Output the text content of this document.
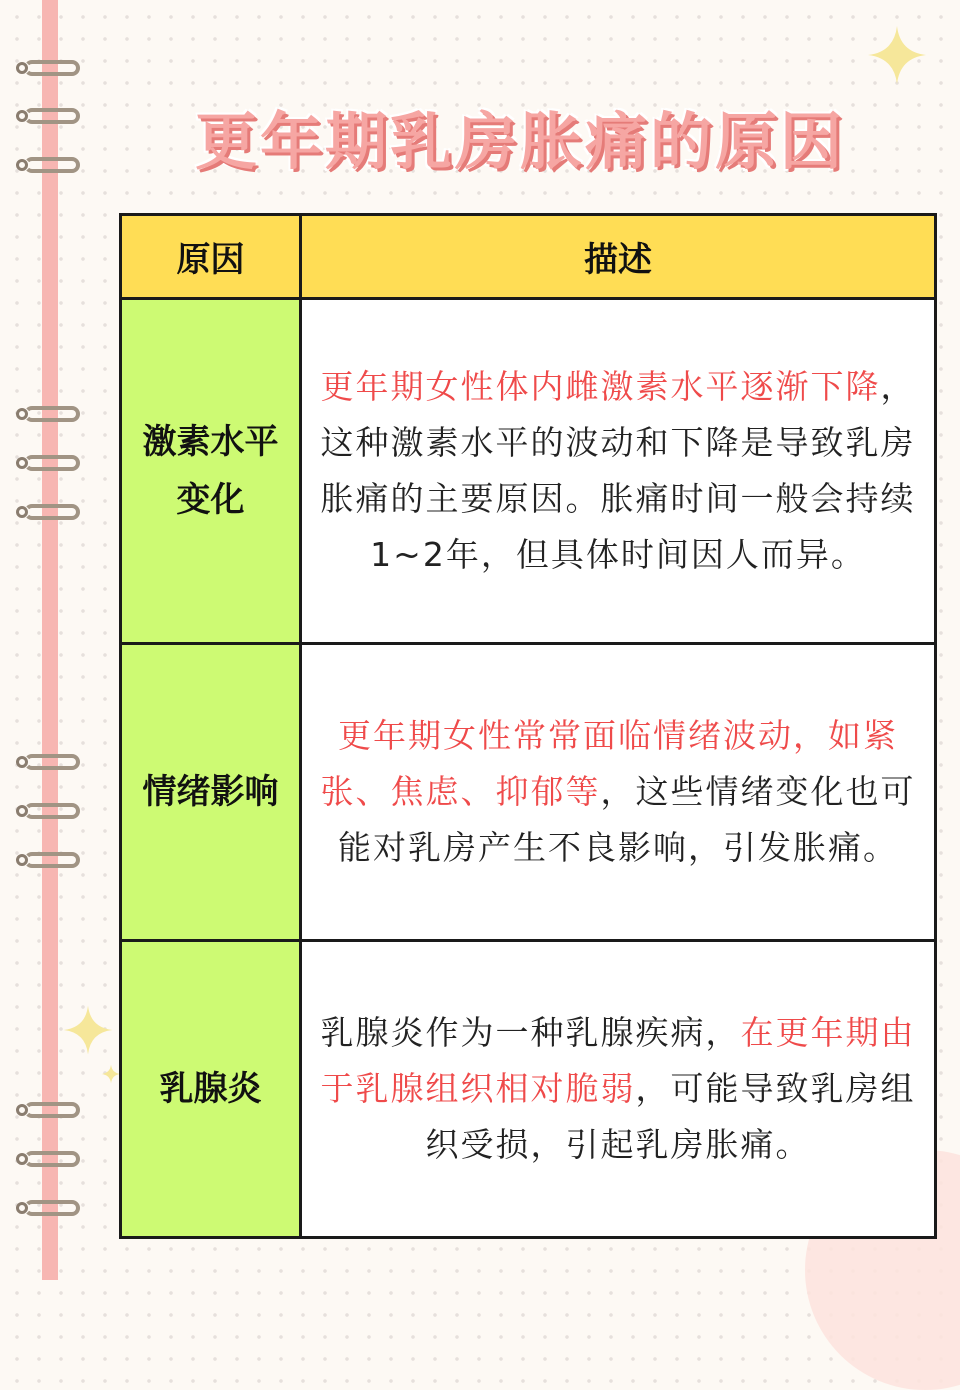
更年期乳房胀痛的原因
原因	描述
激素水平
变化	更年期女性体内雌激素水平逐渐下降，这种激素水平的波动和下降是导致乳房胀痛的主要原因。胀痛时间一般会持续1~2年，但具体时间因人而异。
情绪影响	更年期女性常常面临情绪波动，如紧张、焦虑、抑郁等，这些情绪变化也可能对乳房产生不良影响，引发胀痛。
乳腺炎	乳腺炎作为一种乳腺疾病，在更年期由于乳腺组织相对脆弱，可能导致乳房组织受损，引起乳房胀痛。
